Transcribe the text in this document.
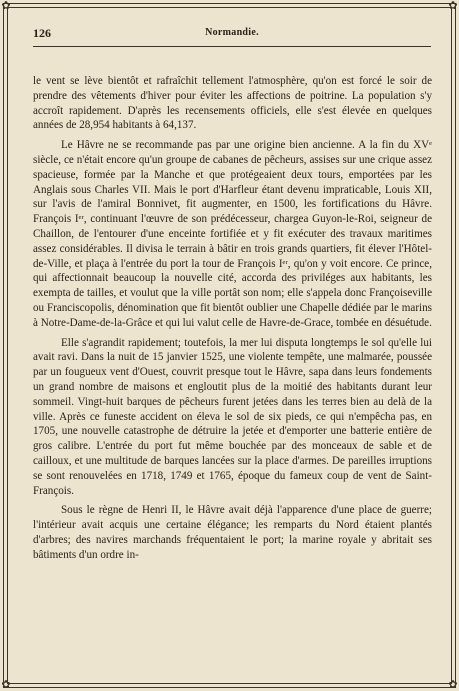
✿	✿
✿	✿
126	Normandie.

le vent se lève bientôt et rafraîchit tellement l'atmosphère, qu'on est forcé le soir de prendre des vêtements d'hiver pour éviter les affections de poitrine. La population s'y accroît rapidement. D'après les recensements officiels, elle s'est élevée en quelques années de 28,954 habitants à 64,137.

Le Hâvre ne se recommande pas par une origine bien ancienne. A la fin du XVᵉ siècle, ce n'était encore qu'un groupe de cabanes de pêcheurs, assises sur une crique assez spacieuse, formée par la Manche et que protégeaient deux tours, emportées par les Anglais sous Charles VII. Mais le port d'Harfleur étant devenu impraticable, Louis XII, sur l'avis de l'amiral Bonnivet, fit augmenter, en 1500, les fortifications du Hâvre. François Iᵉʳ, continuant l'œuvre de son prédécesseur, chargea Guyon-le-Roi, seigneur de Chaillon, de l'entourer d'une enceinte fortifiée et y fit exécuter des travaux maritimes assez considérables. Il divisa le terrain à bâtir en trois grands quartiers, fit élever l'Hôtel-de-Ville, et plaça à l'entrée du port la tour de François Iᵉʳ, qu'on y voit encore. Ce prince, qui affectionnait beaucoup la nouvelle cité, accorda des priviléges aux habitants, les exempta de tailles, et voulut que la ville portât son nom; elle s'appela donc Françoiseville ou Franciscopolis, dénomination que fit bientôt oublier une Chapelle dédiée par le marins à Notre-Dame-de-la-Grâce et qui lui valut celle de Havre-de-Grace, tombée en désuétude.

Elle s'agrandit rapidement; toutefois, la mer lui disputa longtemps le sol qu'elle lui avait ravi. Dans la nuit de 15 janvier 1525, une violente tempête, une malmarée, poussée par un fougueux vent d'Ouest, couvrit presque tout le Hâvre, sapa dans leurs fondements un grand nombre de maisons et engloutit plus de la moitié des habitants durant leur sommeil. Vingt-huit barques de pêcheurs furent jetées dans les terres bien au delà de la ville. Après ce funeste accident on éleva le sol de six pieds, ce qui n'empêcha pas, en 1705, une nouvelle catastrophe de détruire la jetée et d'emporter une batterie entière de gros calibre. L'entrée du port fut même bouchée par des monceaux de sable et de cailloux, et une multitude de barques lancées sur la place d'armes. De pareilles irruptions se sont renouvelées en 1718, 1749 et 1765, époque du fameux coup de vent de Saint-François.

Sous le règne de Henri II, le Hâvre avait déjà l'apparence d'une place de guerre; l'intérieur avait acquis une certaine élégance; les remparts du Nord étaient plantés d'arbres; des navires marchands fréquentaient le port; la marine royale y abritait ses bâtiments d'un ordre in-
